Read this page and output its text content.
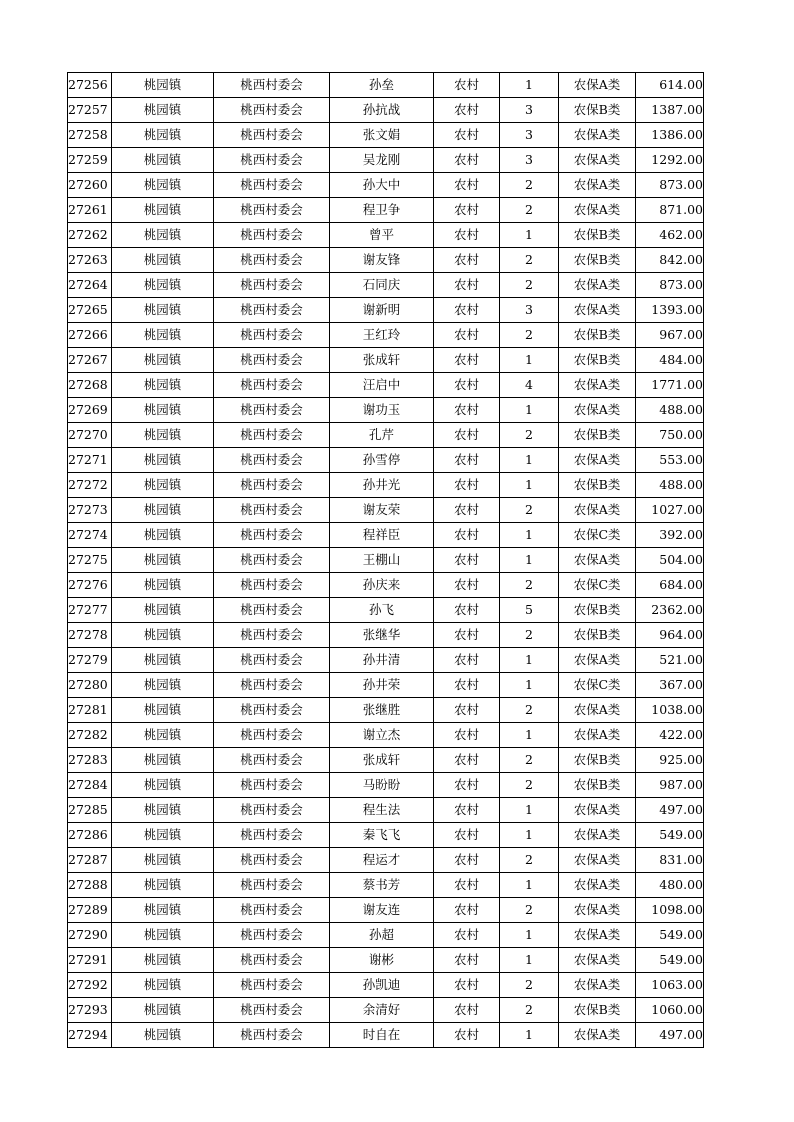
27256	桃园镇	桃西村委会	孙垒	农村	1	农保A类	614.00
27257	桃园镇	桃西村委会	孙抗战	农村	3	农保B类	1387.00
27258	桃园镇	桃西村委会	张文娟	农村	3	农保A类	1386.00
27259	桃园镇	桃西村委会	吴龙刚	农村	3	农保A类	1292.00
27260	桃园镇	桃西村委会	孙大中	农村	2	农保A类	873.00
27261	桃园镇	桃西村委会	程卫争	农村	2	农保A类	871.00
27262	桃园镇	桃西村委会	曾平	农村	1	农保B类	462.00
27263	桃园镇	桃西村委会	谢友锋	农村	2	农保B类	842.00
27264	桃园镇	桃西村委会	石同庆	农村	2	农保A类	873.00
27265	桃园镇	桃西村委会	谢新明	农村	3	农保A类	1393.00
27266	桃园镇	桃西村委会	王红玲	农村	2	农保B类	967.00
27267	桃园镇	桃西村委会	张成轩	农村	1	农保B类	484.00
27268	桃园镇	桃西村委会	汪启中	农村	4	农保A类	1771.00
27269	桃园镇	桃西村委会	谢功玉	农村	1	农保A类	488.00
27270	桃园镇	桃西村委会	孔芹	农村	2	农保B类	750.00
27271	桃园镇	桃西村委会	孙雪停	农村	1	农保A类	553.00
27272	桃园镇	桃西村委会	孙井光	农村	1	农保B类	488.00
27273	桃园镇	桃西村委会	谢友荣	农村	2	农保A类	1027.00
27274	桃园镇	桃西村委会	程祥臣	农村	1	农保C类	392.00
27275	桃园镇	桃西村委会	王棚山	农村	1	农保A类	504.00
27276	桃园镇	桃西村委会	孙庆来	农村	2	农保C类	684.00
27277	桃园镇	桃西村委会	孙飞	农村	5	农保B类	2362.00
27278	桃园镇	桃西村委会	张继华	农村	2	农保B类	964.00
27279	桃园镇	桃西村委会	孙井清	农村	1	农保A类	521.00
27280	桃园镇	桃西村委会	孙井荣	农村	1	农保C类	367.00
27281	桃园镇	桃西村委会	张继胜	农村	2	农保A类	1038.00
27282	桃园镇	桃西村委会	谢立杰	农村	1	农保A类	422.00
27283	桃园镇	桃西村委会	张成轩	农村	2	农保B类	925.00
27284	桃园镇	桃西村委会	马盼盼	农村	2	农保B类	987.00
27285	桃园镇	桃西村委会	程生法	农村	1	农保A类	497.00
27286	桃园镇	桃西村委会	秦飞飞	农村	1	农保A类	549.00
27287	桃园镇	桃西村委会	程运才	农村	2	农保A类	831.00
27288	桃园镇	桃西村委会	蔡书芳	农村	1	农保A类	480.00
27289	桃园镇	桃西村委会	谢友连	农村	2	农保A类	1098.00
27290	桃园镇	桃西村委会	孙超	农村	1	农保A类	549.00
27291	桃园镇	桃西村委会	谢彬	农村	1	农保A类	549.00
27292	桃园镇	桃西村委会	孙凯迪	农村	2	农保A类	1063.00
27293	桃园镇	桃西村委会	余清好	农村	2	农保B类	1060.00
27294	桃园镇	桃西村委会	时自在	农村	1	农保A类	497.00
